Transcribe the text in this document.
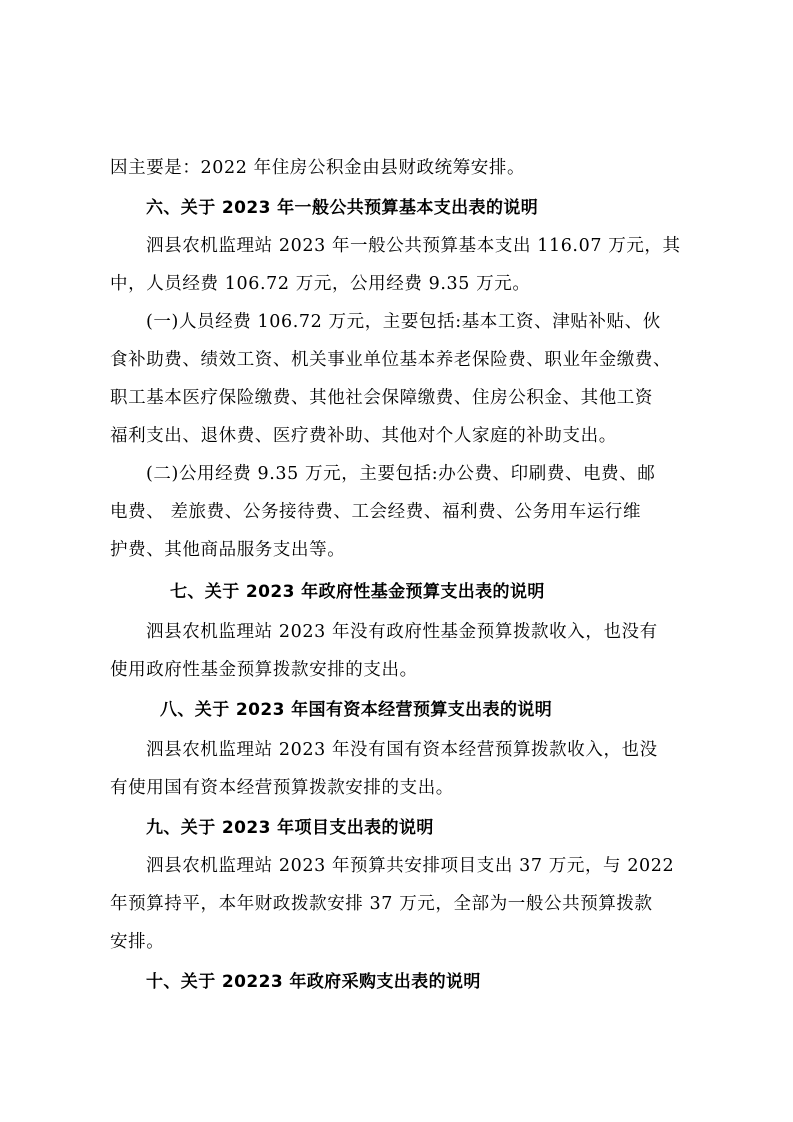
因主要是：2022 年住房公积金由县财政统筹安排。
六、关于 2023 年一般公共预算基本支出表的说明
泗县农机监理站 2023 年一般公共预算基本支出 116.07 万元，其
中，人员经费 106.72 万元，公用经费 9.35 万元。
(一)人员经费 106.72 万元，主要包括:基本工资、津贴补贴、伙
食补助费、绩效工资、机关事业单位基本养老保险费、职业年金缴费、
职工基本医疗保险缴费、其他社会保障缴费、住房公积金、其他工资
福利支出、退休费、医疗费补助、其他对个人家庭的补助支出。
(二)公用经费 9.35 万元，主要包括:办公费、印刷费、电费、邮
电费、 差旅费、公务接待费、工会经费、福利费、公务用车运行维
护费、其他商品服务支出等。
七、关于 2023 年政府性基金预算支出表的说明
泗县农机监理站 2023 年没有政府性基金预算拨款收入，也没有
使用政府性基金预算拨款安排的支出。
八、关于 2023 年国有资本经营预算支出表的说明
泗县农机监理站 2023 年没有国有资本经营预算拨款收入，也没
有使用国有资本经营预算拨款安排的支出。
九、关于 2023 年项目支出表的说明
泗县农机监理站 2023 年预算共安排项目支出 37 万元，与 2022
年预算持平，本年财政拨款安排 37 万元，全部为一般公共预算拨款
安排。
十、关于 20223 年政府采购支出表的说明
